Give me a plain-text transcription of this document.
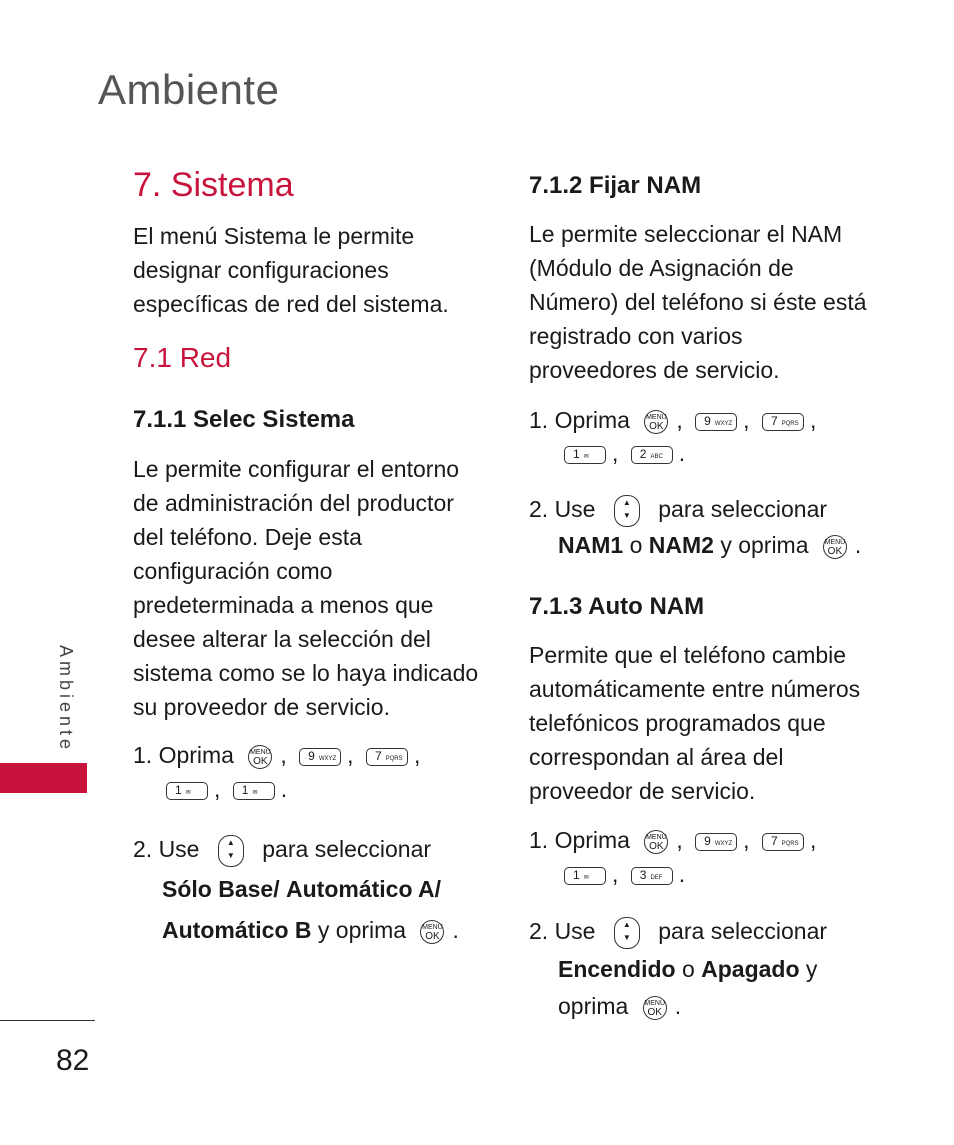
Ambiente
7. Sistema

El menú Sistema le permite

designar configuraciones

específicas de red del sistema.

7.1 Red
7.1.1 Selec Sistema

Le permite configurar el entorno

de administración del productor

del teléfono. Deje esta

configuración como

predeterminada a menos que

desee alterar la selección del

sistema como se lo haya indicado

su proveedor de servicio.

1. Oprima MENU
OK , 9 WXYZ , 7 PQRS ,
1 ✉ , 1 ✉ .
2. Use	▲
▼ para seleccionar
Sólo Base/ Automático A/
Automático B y oprima MENU
OK .
7.1.2 Fijar NAM

Le permite seleccionar el NAM

(Módulo de Asignación de

Número) del teléfono si éste está

registrado con varios

proveedores de servicio.

1. Oprima MENU
OK , 9 WXYZ , 7 PQRS ,
1 ✉ , 2 ABC .
2. Use	▲
▼ para seleccionar
NAM1 o NAM2 y oprima MENU
OK .
7.1.3 Auto NAM

Permite que el teléfono cambie

automáticamente entre números

telefónicos programados que

correspondan al área del

proveedor de servicio.

1. Oprima MENU
OK , 9 WXYZ , 7 PQRS ,
1 ✉ , 3 DEF .
2. Use	▲
▼ para seleccionar
Encendido o Apagado y
oprima MENU
OK .
Ambiente
82
